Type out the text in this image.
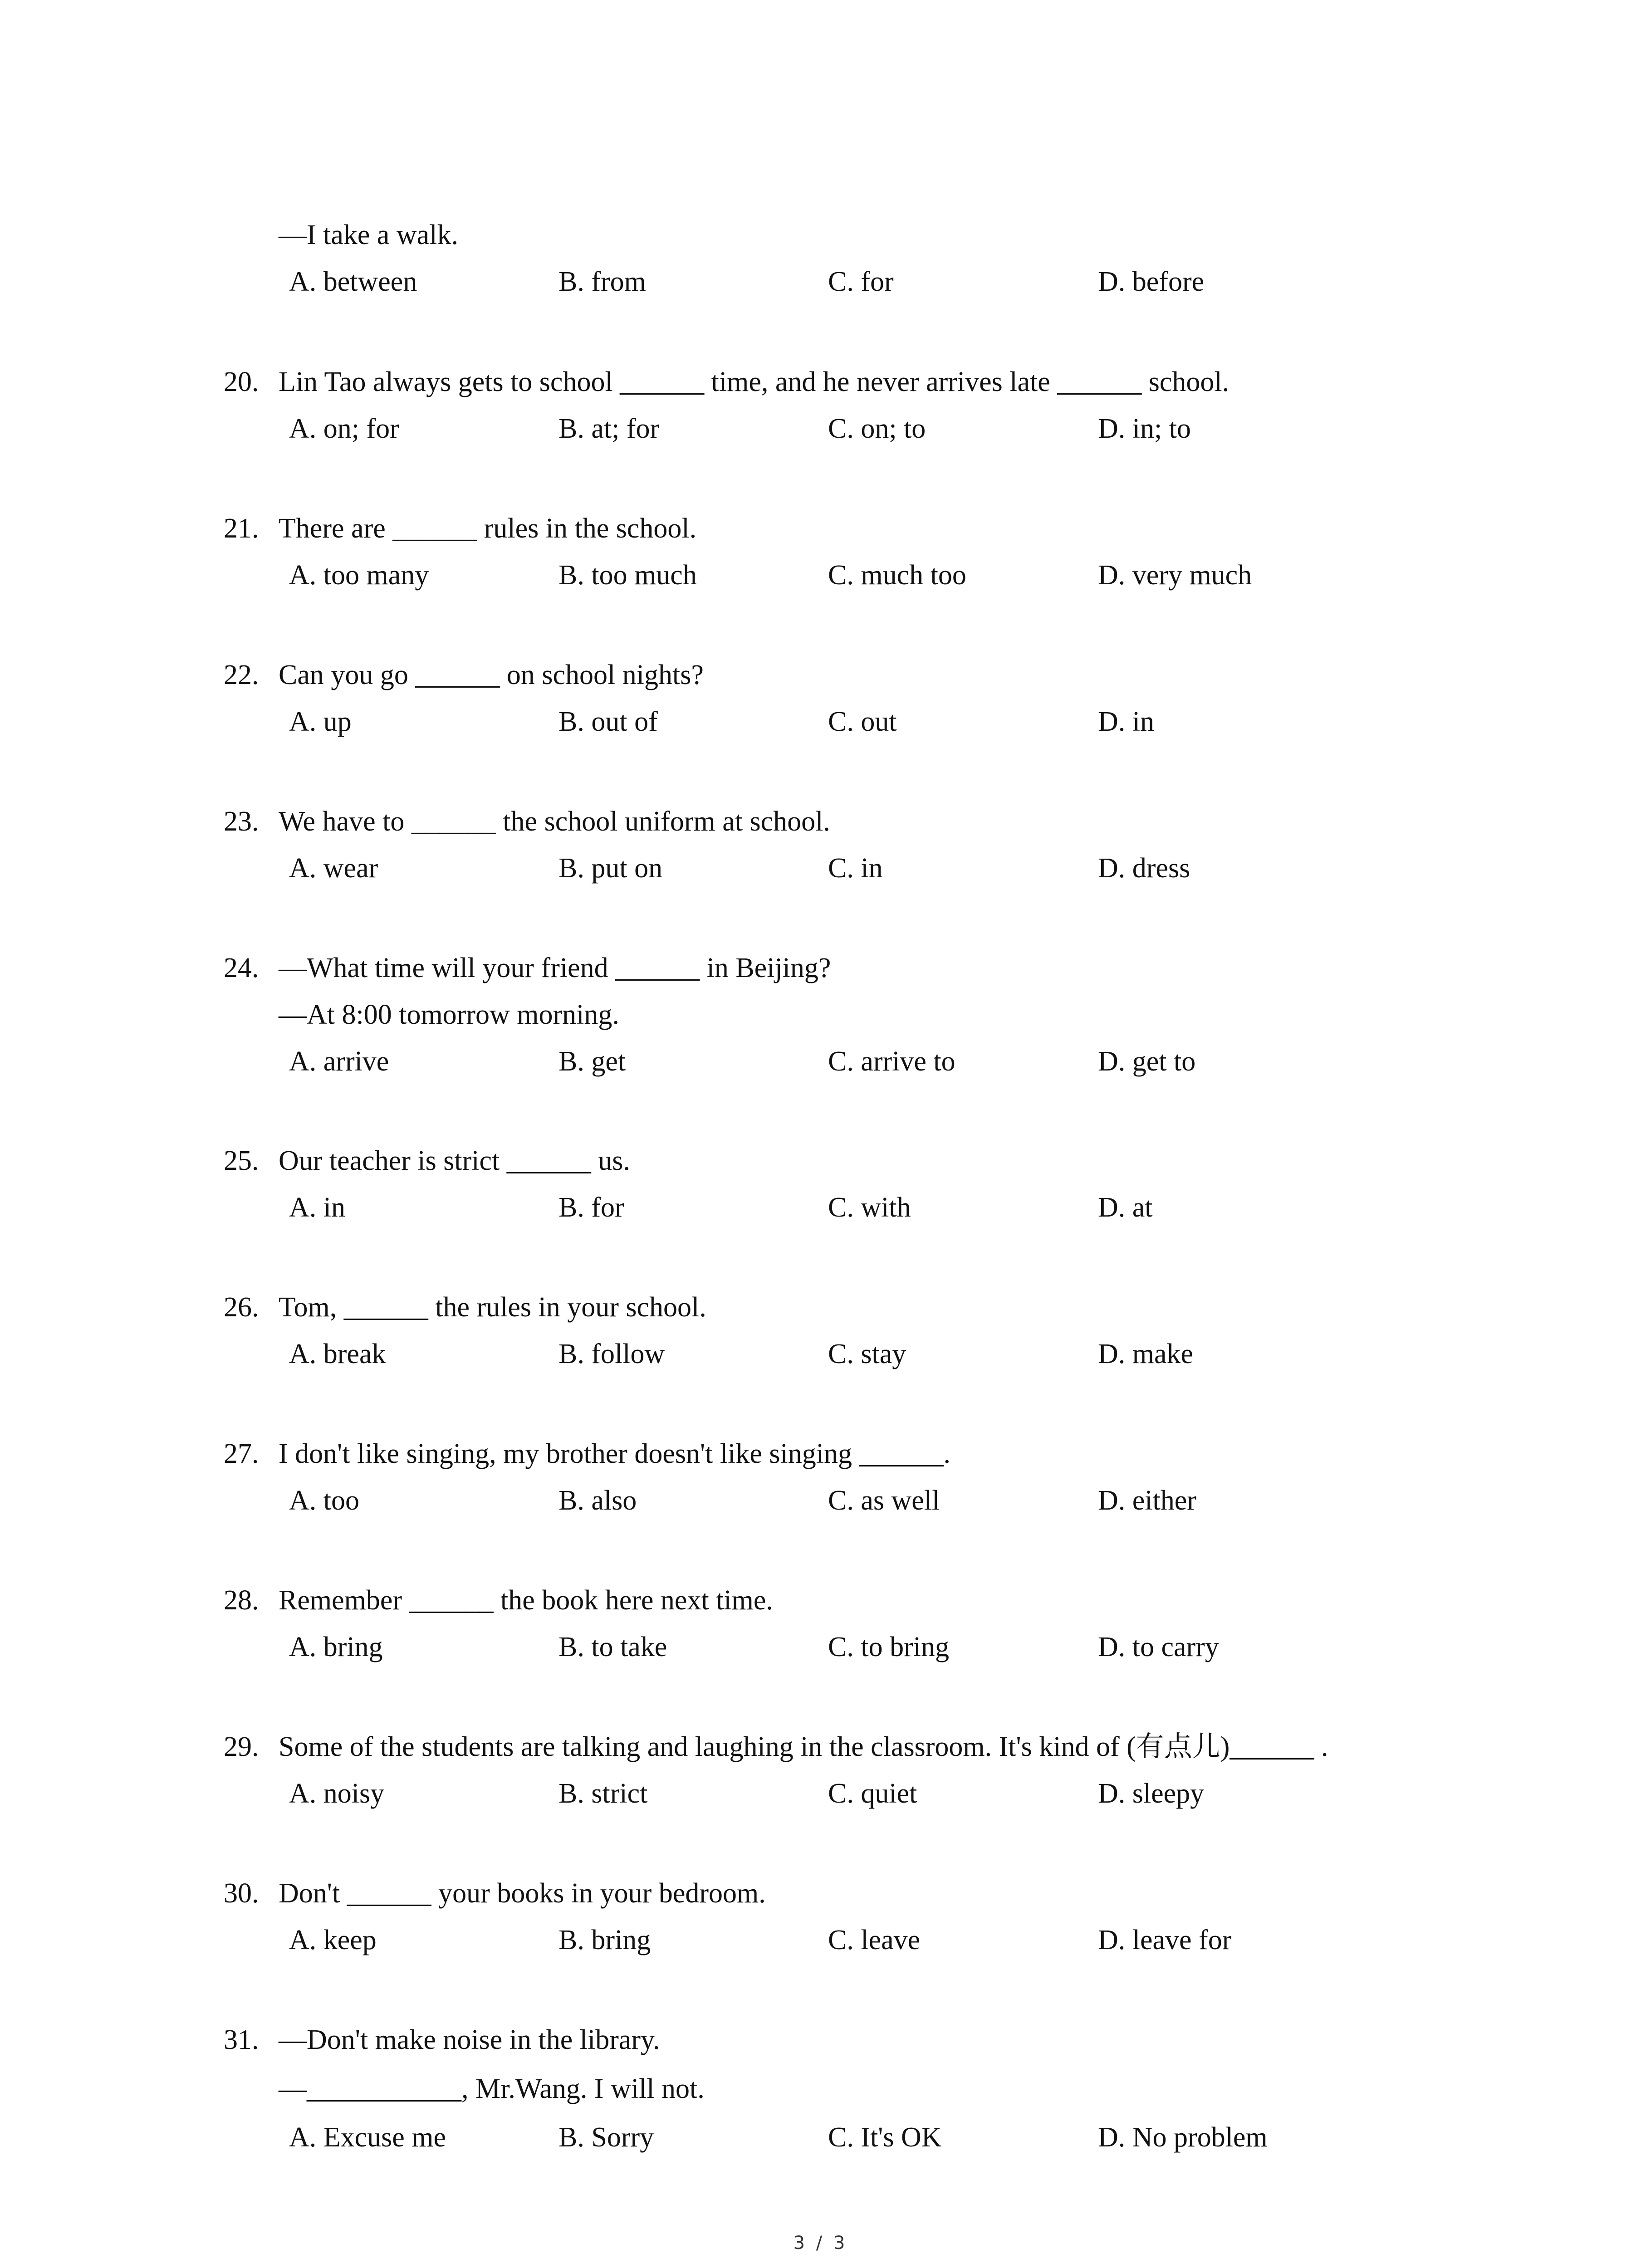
—I take a walk.
A. between	B. from	C. for	D. before
20. Lin Tao always gets to school ______ time, and he never arrives late ______ school.
A. on; for	B. at; for	C. on; to	D. in; to
21. There are ______ rules in the school.
A. too many	B. too much	C. much too	D. very much
22. Can you go ______ on school nights?
A. up	B. out of	C. out	D. in
23. We have to ______ the school uniform at school.
A. wear	B. put on	C. in	D. dress
24. —What time will your friend ______ in Beijing?
—At 8:00 tomorrow morning.
A. arrive	B. get	C. arrive to	D. get to
25. Our teacher is strict ______ us.
A. in	B. for	C. with	D. at
26. Tom, ______ the rules in your school.
A. break	B. follow	C. stay	D. make
27. I don't like singing, my brother doesn't like singing ______.
A. too	B. also	C. as well	D. either
28. Remember ______ the book here next time.
A. bring	B. to take	C. to bring	D. to carry
29. Some of the students are talking and laughing in the classroom. It's kind of (有点儿)______ .
A. noisy	B. strict	C. quiet	D. sleepy
30. Don't ______ your books in your bedroom.
A. keep	B. bring	C. leave	D. leave for
31. —Don't make noise in the library.
—___________, Mr.Wang. I will not.
A. Excuse me	B. Sorry	C. It's OK	D. No problem
3 / 3
